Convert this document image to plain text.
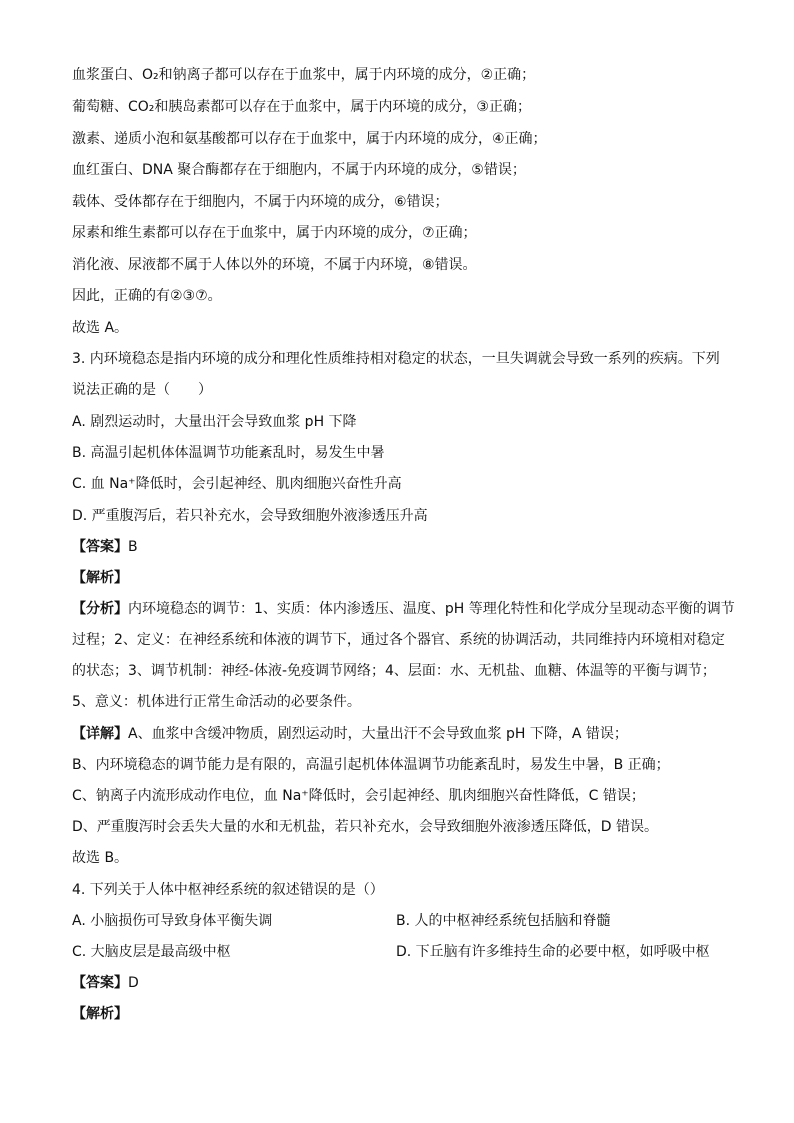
血浆蛋白、O₂和钠离子都可以存在于血浆中，属于内环境的成分，②正确；
葡萄糖、CO₂和胰岛素都可以存在于血浆中，属于内环境的成分，③正确；
激素、递质小泡和氨基酸都可以存在于血浆中，属于内环境的成分，④正确；
血红蛋白、DNA 聚合酶都存在于细胞内，不属于内环境的成分，⑤错误；
载体、受体都存在于细胞内，不属于内环境的成分，⑥错误；
尿素和维生素都可以存在于血浆中，属于内环境的成分，⑦正确；
消化液、尿液都不属于人体以外的环境，不属于内环境，⑧错误。
因此，正确的有②③⑦。
故选 A。
3. 内环境稳态是指内环境的成分和理化性质维持相对稳定的状态，一旦失调就会导致一系列的疾病。下列
说法正确的是（　　）
A. 剧烈运动时，大量出汗会导致血浆 pH 下降
B. 高温引起机体体温调节功能紊乱时，易发生中暑
C. 血 Na⁺降低时，会引起神经、肌肉细胞兴奋性升高
D. 严重腹泻后，若只补充水，会导致细胞外液渗透压升高
【答案】B
【解析】
【分析】内环境稳态的调节：1、实质：体内渗透压、温度、pH 等理化特性和化学成分呈现动态平衡的调节
过程；2、定义：在神经系统和体液的调节下，通过各个器官、系统的协调活动，共同维持内环境相对稳定
的状态；3、调节机制：神经-体液-免疫调节网络；4、层面：水、无机盐、血糖、体温等的平衡与调节；
5、意义：机体进行正常生命活动的必要条件。
【详解】A、血浆中含缓冲物质，剧烈运动时，大量出汗不会导致血浆 pH 下降，A 错误；
B、内环境稳态的调节能力是有限的，高温引起机体体温调节功能紊乱时，易发生中暑，B 正确；
C、钠离子内流形成动作电位，血 Na⁺降低时，会引起神经、肌肉细胞兴奋性降低，C 错误；
D、严重腹泻时会丢失大量的水和无机盐，若只补充水，会导致细胞外液渗透压降低，D 错误。
故选 B。
4. 下列关于人体中枢神经系统的叙述错误的是（）
A. 小脑损伤可导致身体平衡失调	B. 人的中枢神经系统包括脑和脊髓
C. 大脑皮层是最高级中枢	D. 下丘脑有许多维持生命的必要中枢，如呼吸中枢
【答案】D
【解析】
